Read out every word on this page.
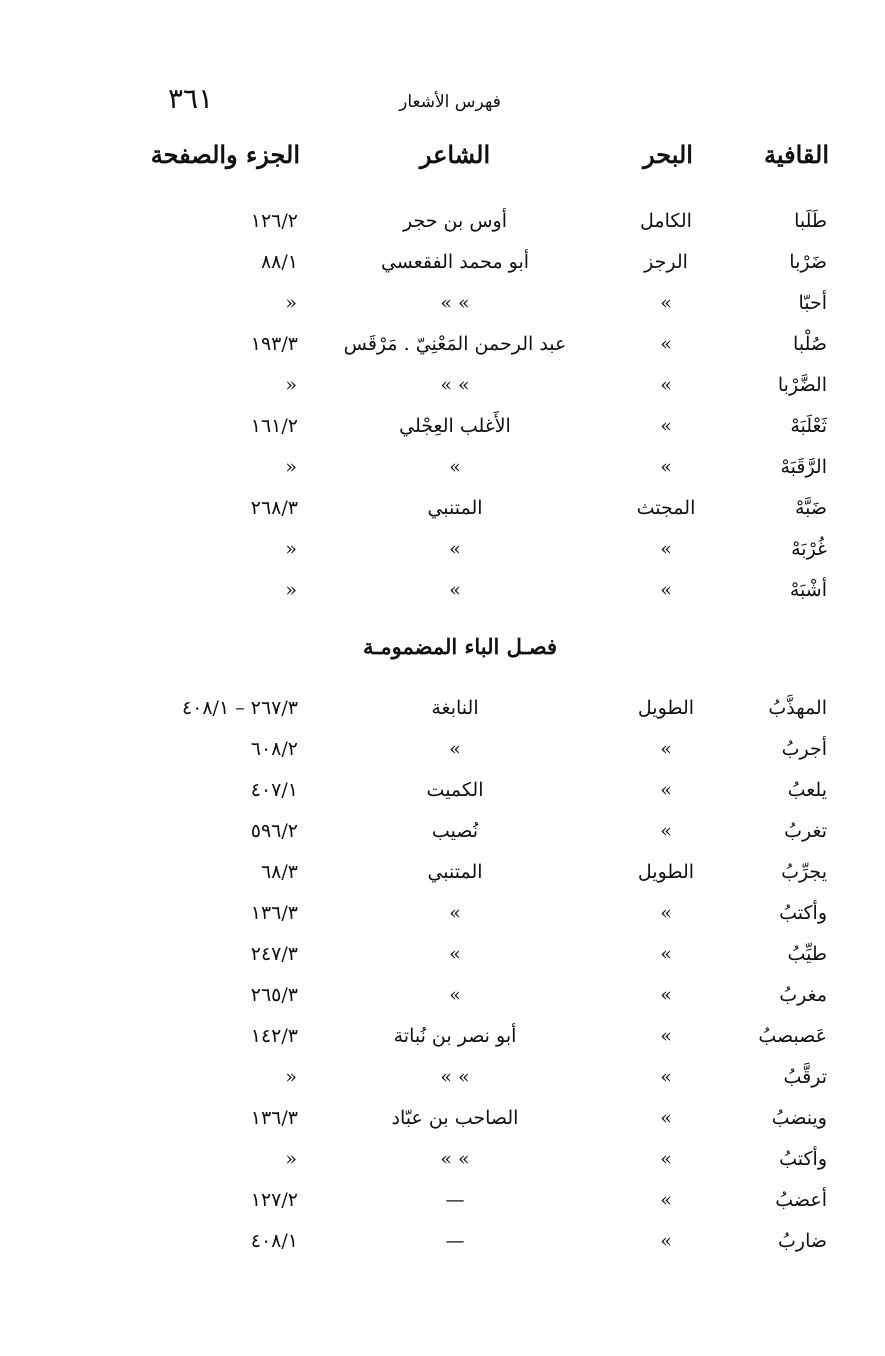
٣٦١	فهرس الأشعار
القافية
البحر
الشاعر
الجزء والصفحة
طَلَبا
الكامل
أوس بن حجر
١٢٦/٢
ضَرْبا
الرجز
أبو محمد الفقعسي
٨٨/١
أحبّا
»
» »
»
صُلْبا
»
عبد الرحمن المَعْنِيّ . مَرْقَس
١٩٣/٣
الضَّرْبا
»
» »
»
ثَعْلَبَهْ
»
الأَغلب العِجْلي
١٦١/٢
الرَّقَبَهْ
»
»
»
ضَبَّهْ
المجتث
المتنبي
٢٦٨/٣
غُرْبَهْ
»
»
»
أشْبَهْ
»
»
»
فصـل الباء المضمومـة
المهذَّبُ
الطويل
النابغة
٢٦٧/٣ – ٤٠٨/١
أجربُ
»
»
٦٠٨/٢
يلعبُ
»
الكميت
٤٠٧/١
تغربُ
»
نُصيب
٥٩٦/٢
يجرِّبُ
الطويل
المتنبي
٦٨/٣
وأكتبُ
»
»
١٣٦/٣
طيِّبُ
»
»
٢٤٧/٣
مغربُ
»
»
٢٦٥/٣
عَصبصبُ
»
أبو نصر بن نُباتة
١٤٢/٣
ترقَّبُ
»
» »
»
وينضبُ
»
الصاحب بن عبّاد
١٣٦/٣
وأكتبُ
»
» »
»
أعضبُ
»
—
١٢٧/٢
ضاربُ
»
—
٤٠٨/١
